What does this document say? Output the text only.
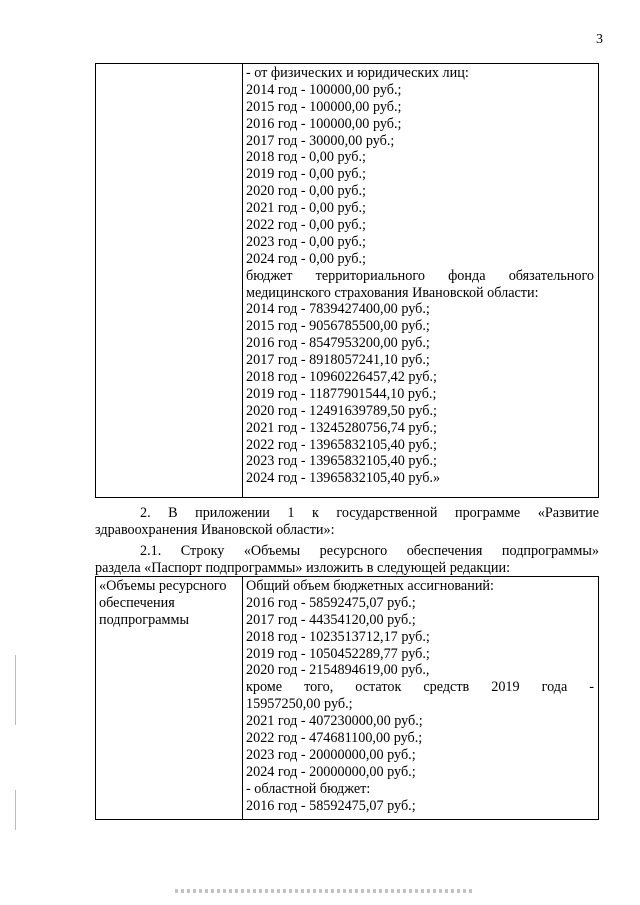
3

- от физических и юридических лиц:
2014 год - 100000,00 руб.;
2015 год - 100000,00 руб.;
2016 год - 100000,00 руб.;
2017 год - 30000,00 руб.;
2018 год - 0,00 руб.;
2019 год - 0,00 руб.;
2020 год - 0,00 руб.;
2021 год - 0,00 руб.;
2022 год - 0,00 руб.;
2023 год - 0,00 руб.;
2024 год - 0,00 руб.;
бюджет территориального фонда обязательного
медицинского страхования Ивановской области:
2014 год - 7839427400,00 руб.;
2015 год - 9056785500,00 руб.;
2016 год - 8547953200,00 руб.;
2017 год - 8918057241,10 руб.;
2018 год - 10960226457,42 руб.;
2019 год - 11877901544,10 руб.;
2020 год - 12491639789,50 руб.;
2021 год - 13245280756,74 руб.;
2022 год - 13965832105,40 руб.;
2023 год - 13965832105,40 руб.;
2024 год - 13965832105,40 руб.»
2. В приложении 1 к государственной программе «Развитие
здравоохранения Ивановской области»:
2.1. Строку «Объемы ресурсного обеспечения подпрограммы»
раздела «Паспорт подпрограммы» изложить в следующей редакции:
«Объемы ресурсного
обеспечения
подпрограммы

Общий объем бюджетных ассигнований:
2016 год - 58592475,07 руб.;
2017 год - 44354120,00 руб.;
2018 год - 1023513712,17 руб.;
2019 год - 1050452289,77 руб.;
2020 год - 2154894619,00 руб.,
кроме того, остаток средств 2019 года -
15957250,00 руб.;
2021 год - 407230000,00 руб.;
2022 год - 474681100,00 руб.;
2023 год - 20000000,00 руб.;
2024 год - 20000000,00 руб.;
- областной бюджет:
2016 год - 58592475,07 руб.;
